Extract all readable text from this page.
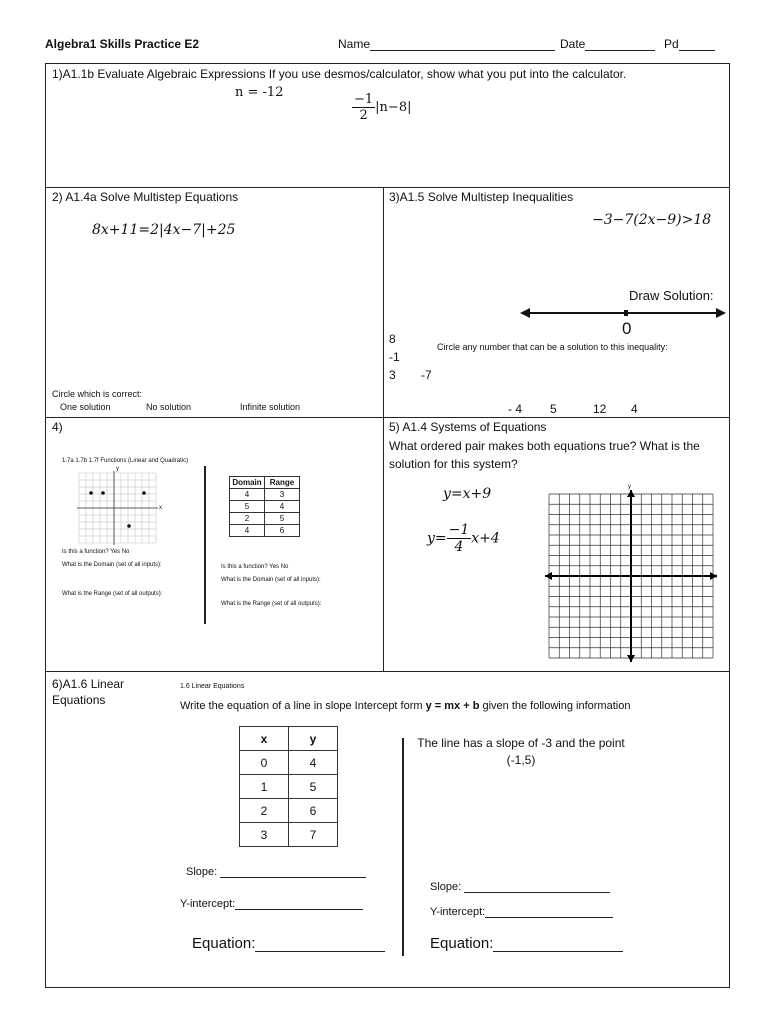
Algebra1 Skills Practice E2	Name	Date	Pd
1)A1.1b Evaluate Algebraic Expressions If you use desmos/calculator, show what you put into the calculator.
n = -12	$\frac{-1}{2} |n-8|$
2) A1.4a Solve Multistep Equations
8x+11=2|4x−7|+25
Circle which is correct:
One solution	No solution	Infinite solution
3)A1.5 Solve Multistep Inequalities
−3−7(2x−9)>18
Draw Solution:
0
8
-1
3 -7
Circle any number that can be a solution to this inequality:
- 4 5	12 4
4)
1.7a 1.7b 1.7f Functions (Linear and Quadratic)
y
x
Is this a function? Yes No
What is the Domain (set of all inputs):
What is the Range (set of all outputs):
Domain	Range
4	3
5	4
2	5
4	6
Is this a function? Yes No
What is the Domain (set of all inputs):
What is the Range (set of all outputs):
5) A1.4 Systems of Equations
What ordered pair makes both equations true? What is the solution for this system?
y=x+9
$y= \frac{-1}{4} x+4$
y
x
6)A1.6 Linear Equations
1.6 Linear Equations
Write the equation of a line in slope Intercept form y = mx + b given the following information
x	y
0	4
1	5
2	6
3	7
Slope:
Y-intercept:
Equation:
The line has a slope of -3 and the point (-1,5)
Slope:
Y-intercept:
Equation:
